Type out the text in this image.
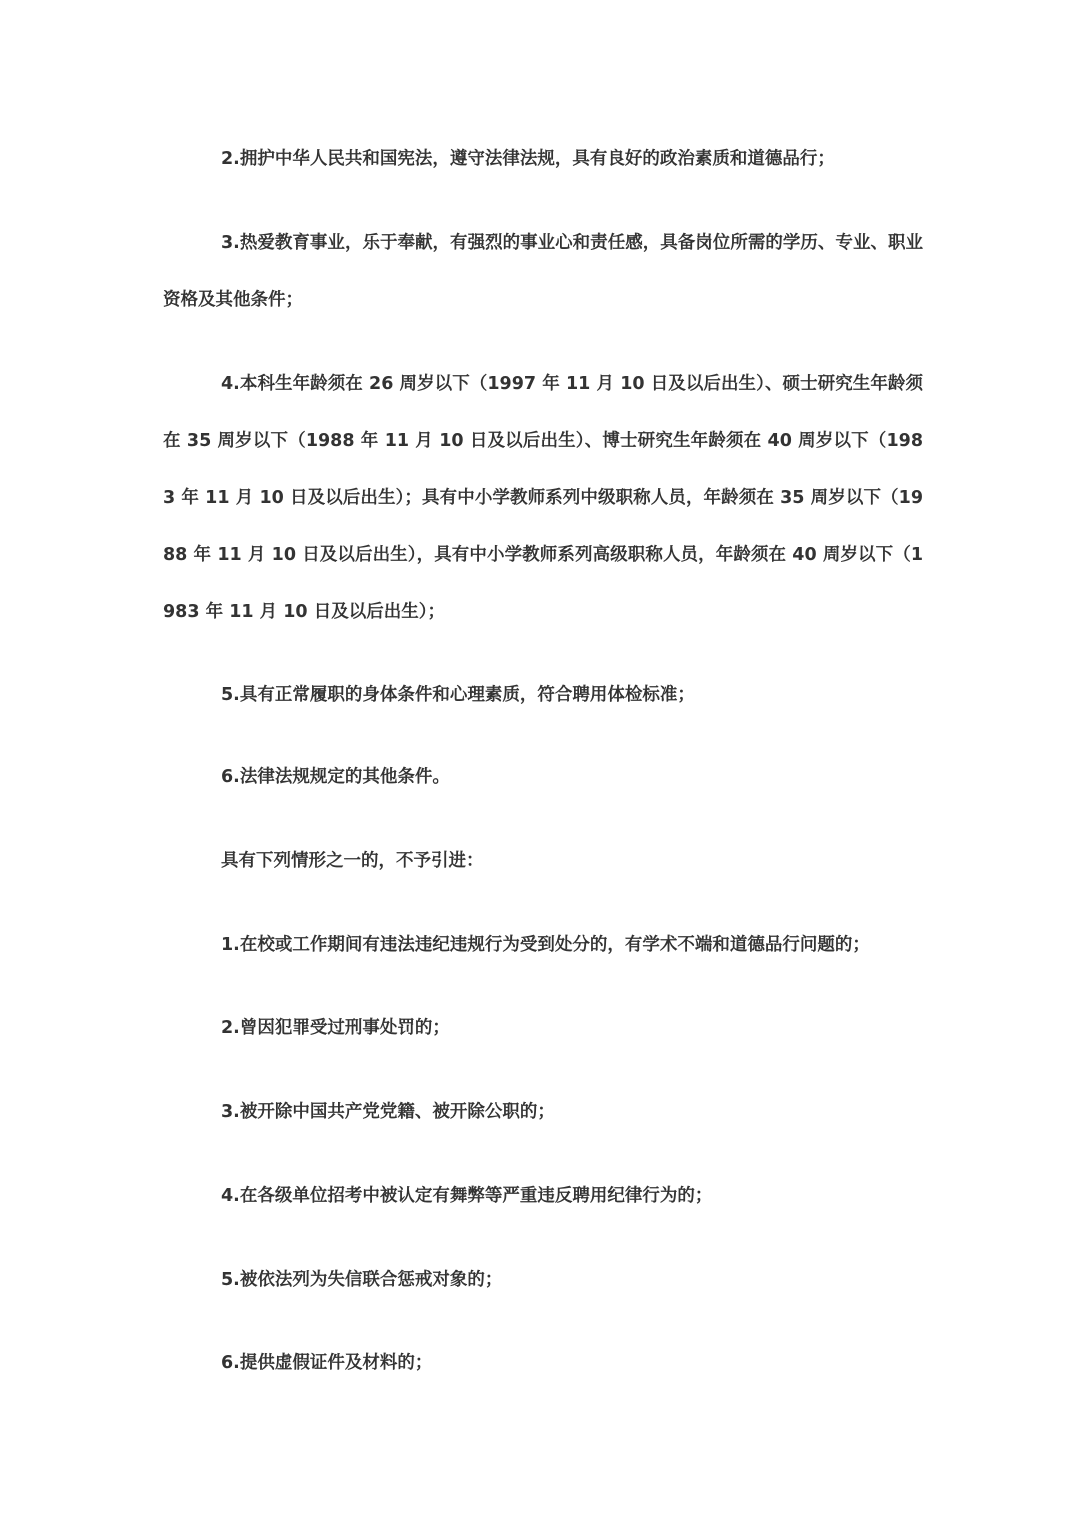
2.拥护中华人民共和国宪法，遵守法律法规，具有良好的政治素质和道德品行；

3.热爱教育事业，乐于奉献，有强烈的事业心和责任感，具备岗位所需的学历、专业、职业资格及其他条件；

4.本科生年龄须在 26 周岁以下（1997 年 11 月 10 日及以后出生）、硕士研究生年龄须在 35 周岁以下（1988 年 11 月 10 日及以后出生）、博士研究生年龄须在 40 周岁以下（1983 年 11 月 10 日及以后出生）；具有中小学教师系列中级职称人员，年龄须在 35 周岁以下（1988 年 11 月 10 日及以后出生），具有中小学教师系列高级职称人员，年龄须在 40 周岁以下（1983 年 11 月 10 日及以后出生）；

5.具有正常履职的身体条件和心理素质，符合聘用体检标准；

6.法律法规规定的其他条件。

具有下列情形之一的，不予引进：

1.在校或工作期间有违法违纪违规行为受到处分的，有学术不端和道德品行问题的；

2.曾因犯罪受过刑事处罚的；

3.被开除中国共产党党籍、被开除公职的；

4.在各级单位招考中被认定有舞弊等严重违反聘用纪律行为的；

5.被依法列为失信联合惩戒对象的；

6.提供虚假证件及材料的；
